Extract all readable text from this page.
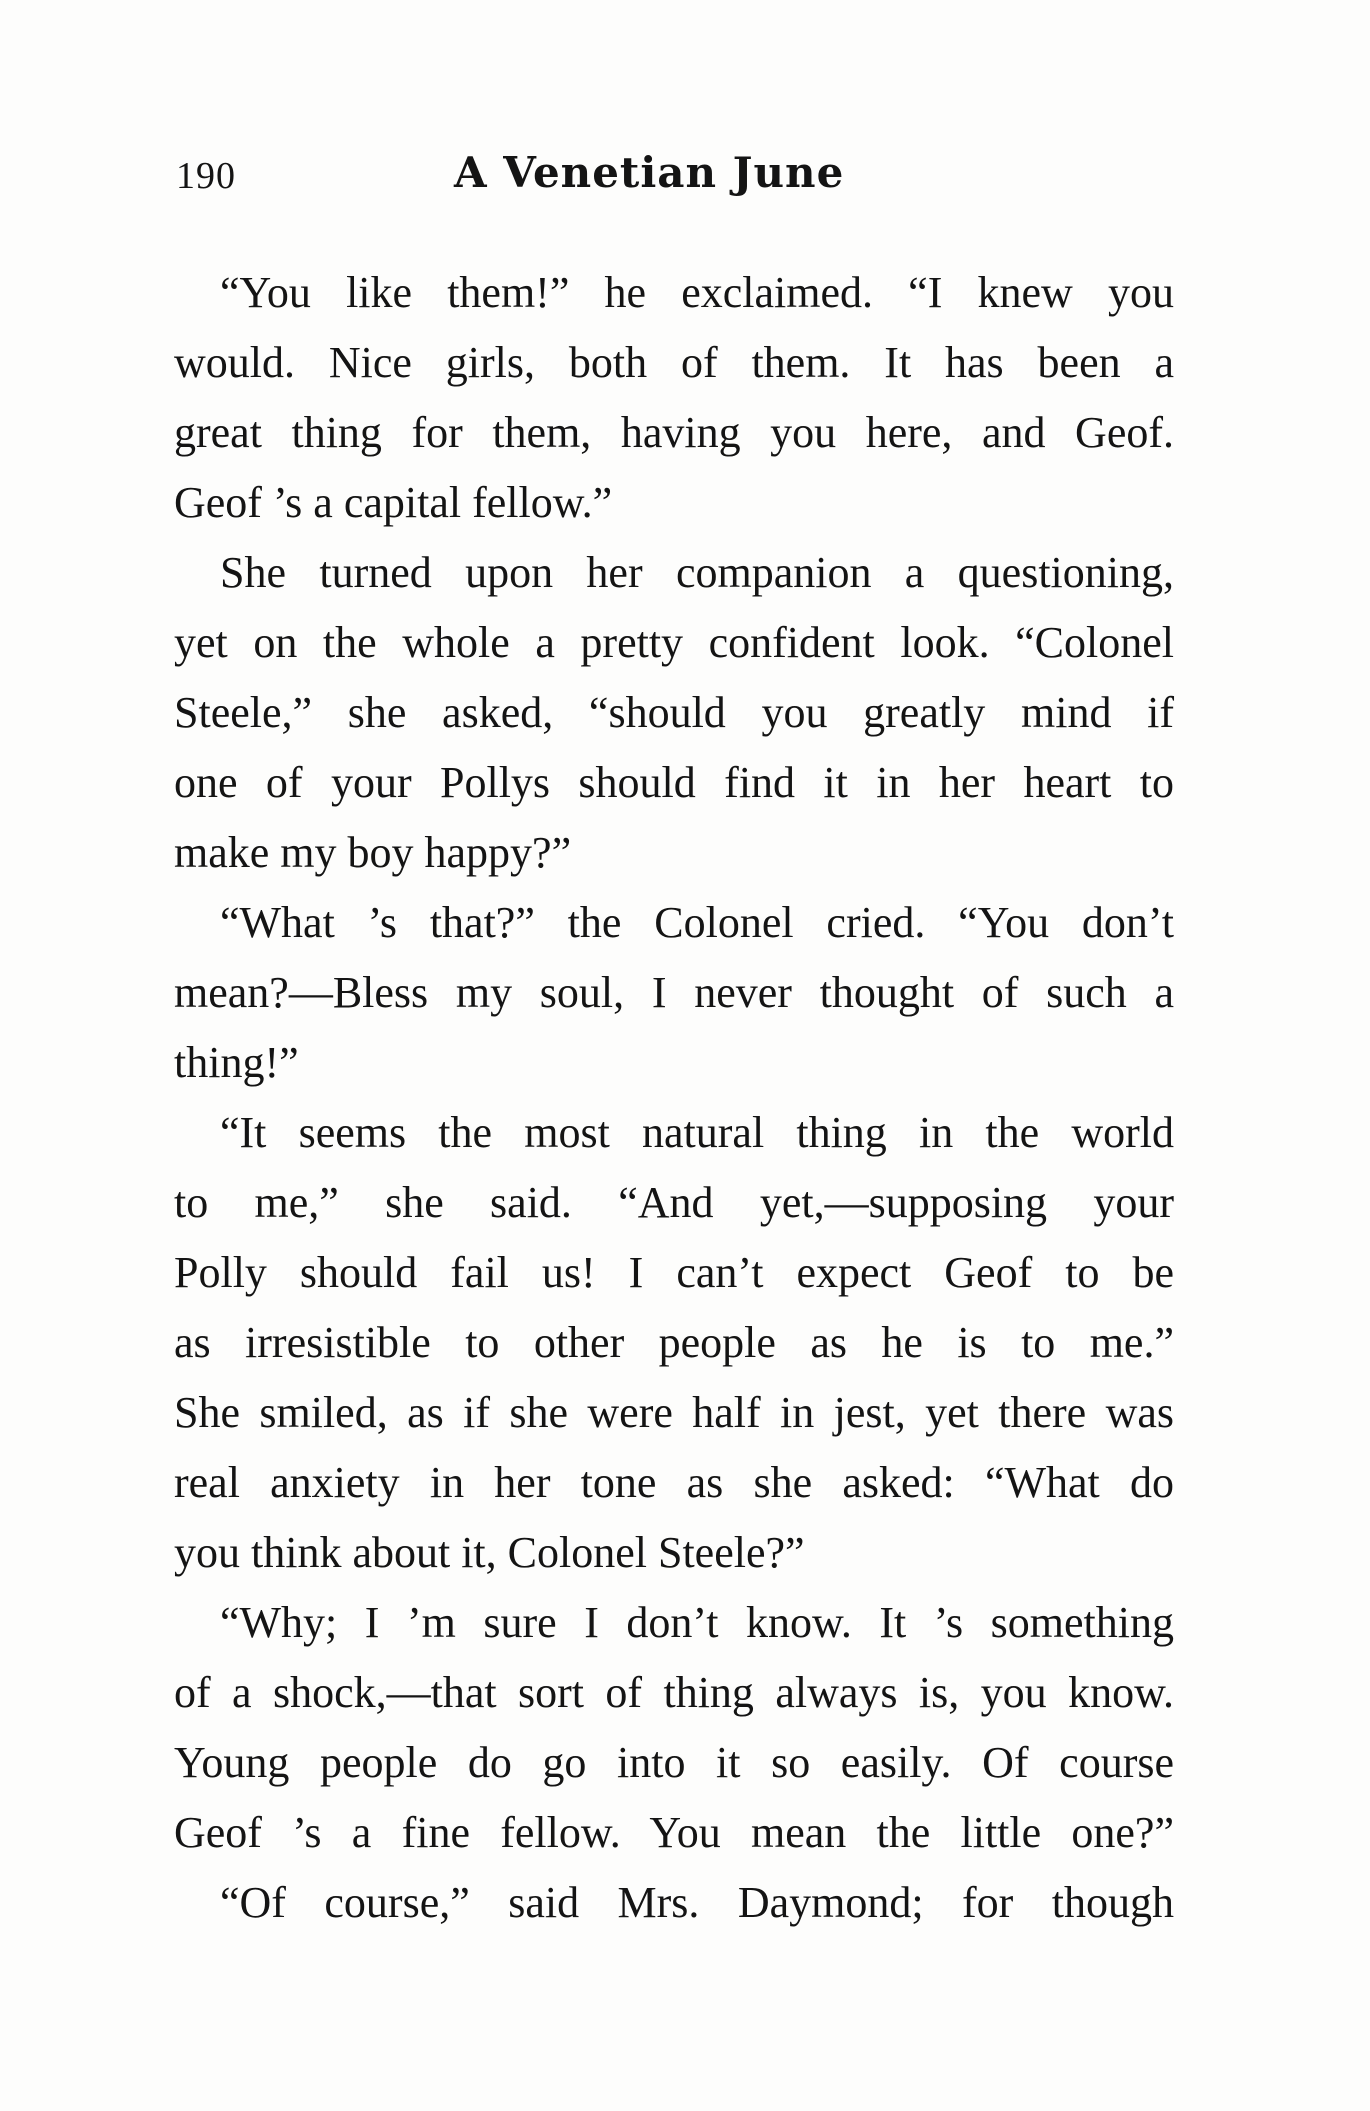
190	A Venetian June
“You like them!” he exclaimed. “I knew you
would. Nice girls, both of them. It has been a
great thing for them, having you here, and Geof.
Geof ’s a capital fellow.”
She turned upon her companion a questioning,
yet on the whole a pretty confident look. “Colonel
Steele,” she asked, “should you greatly mind if
one of your Pollys should find it in her heart to
make my boy happy?”
“What ’s that?” the Colonel cried. “You don’t
mean?—Bless my soul, I never thought of such a
thing!”
“It seems the most natural thing in the world
to me,” she said. “And yet,—supposing your
Polly should fail us! I can’t expect Geof to be
as irresistible to other people as he is to me.”
She smiled, as if she were half in jest, yet there was
real anxiety in her tone as she asked: “What do
you think about it, Colonel Steele?”
“Why; I ’m sure I don’t know. It ’s something
of a shock,—that sort of thing always is, you know.
Young people do go into it so easily. Of course
Geof ’s a fine fellow. You mean the little one?”
“Of course,” said Mrs. Daymond; for though
